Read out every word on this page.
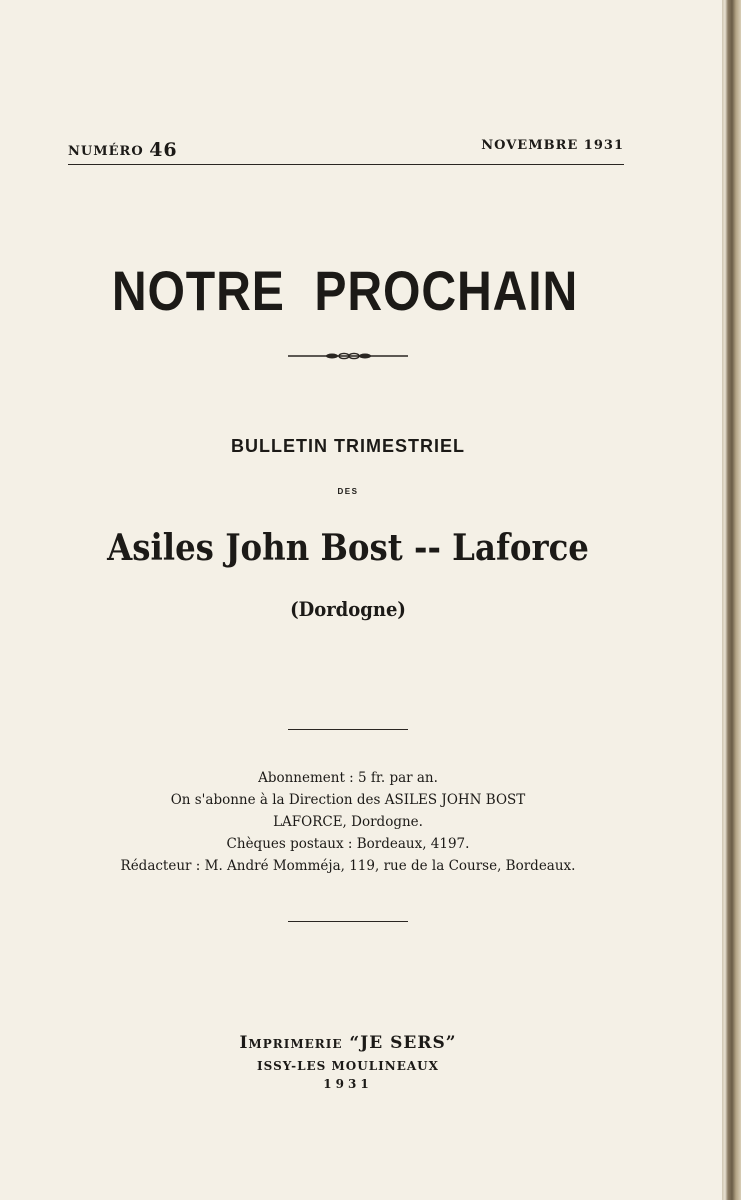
NUMÉRO 46	NOVEMBRE 1931
NOTRE PROCHAIN
BULLETIN TRIMESTRIEL
DES
Asiles John Bost -- Laforce
(Dordogne)
Abonnement : 5 fr. par an.
On s'abonne à la Direction des ASILES JOHN BOST
LAFORCE, Dordogne.
Chèques postaux : Bordeaux, 4197.
Rédacteur : M. André Momméja, 119, rue de la Course, Bordeaux.
Imprimerie “JE SERS”
ISSY-LES MOULINEAUX
1931
